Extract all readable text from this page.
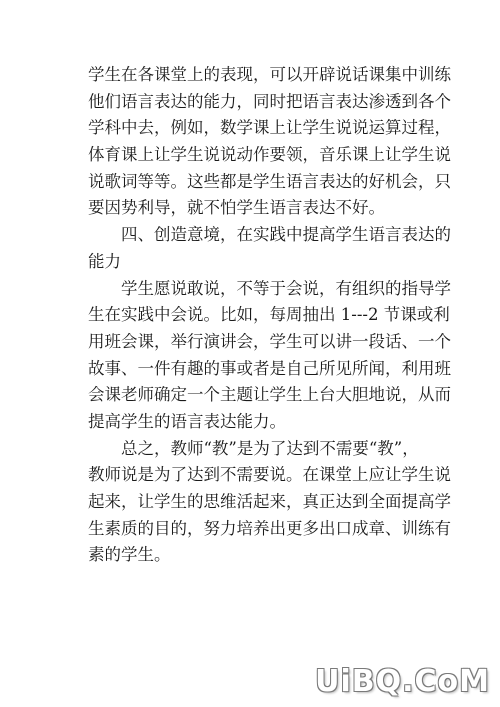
学生在各课堂上的表现，可以开辟说话课集中训练
他们语言表达的能力，同时把语言表达渗透到各个
学科中去，例如，数学课上让学生说说运算过程，
体育课上让学生说说动作要领，音乐课上让学生说
说歌词等等。这些都是学生语言表达的好机会，只
要因势利导，就不怕学生语言表达不好。
四、创造意境，在实践中提高学生语言表达的
能力
学生愿说敢说，不等于会说，有组织的指导学
生在实践中会说。比如，每周抽出 1---2 节课或利
用班会课，举行演讲会，学生可以讲一段话、一个
故事、一件有趣的事或者是自己所见所闻，利用班
会课老师确定一个主题让学生上台大胆地说，从而
提高学生的语言表达能力。
总之，教师“教”是为了达到不需要“教”，
教师说是为了达到不需要说。在课堂上应让学生说
起来，让学生的思维活起来，真正达到全面提高学
生素质的目的，努力培养出更多出口成章、训练有
素的学生。
UiBQ.CoM
